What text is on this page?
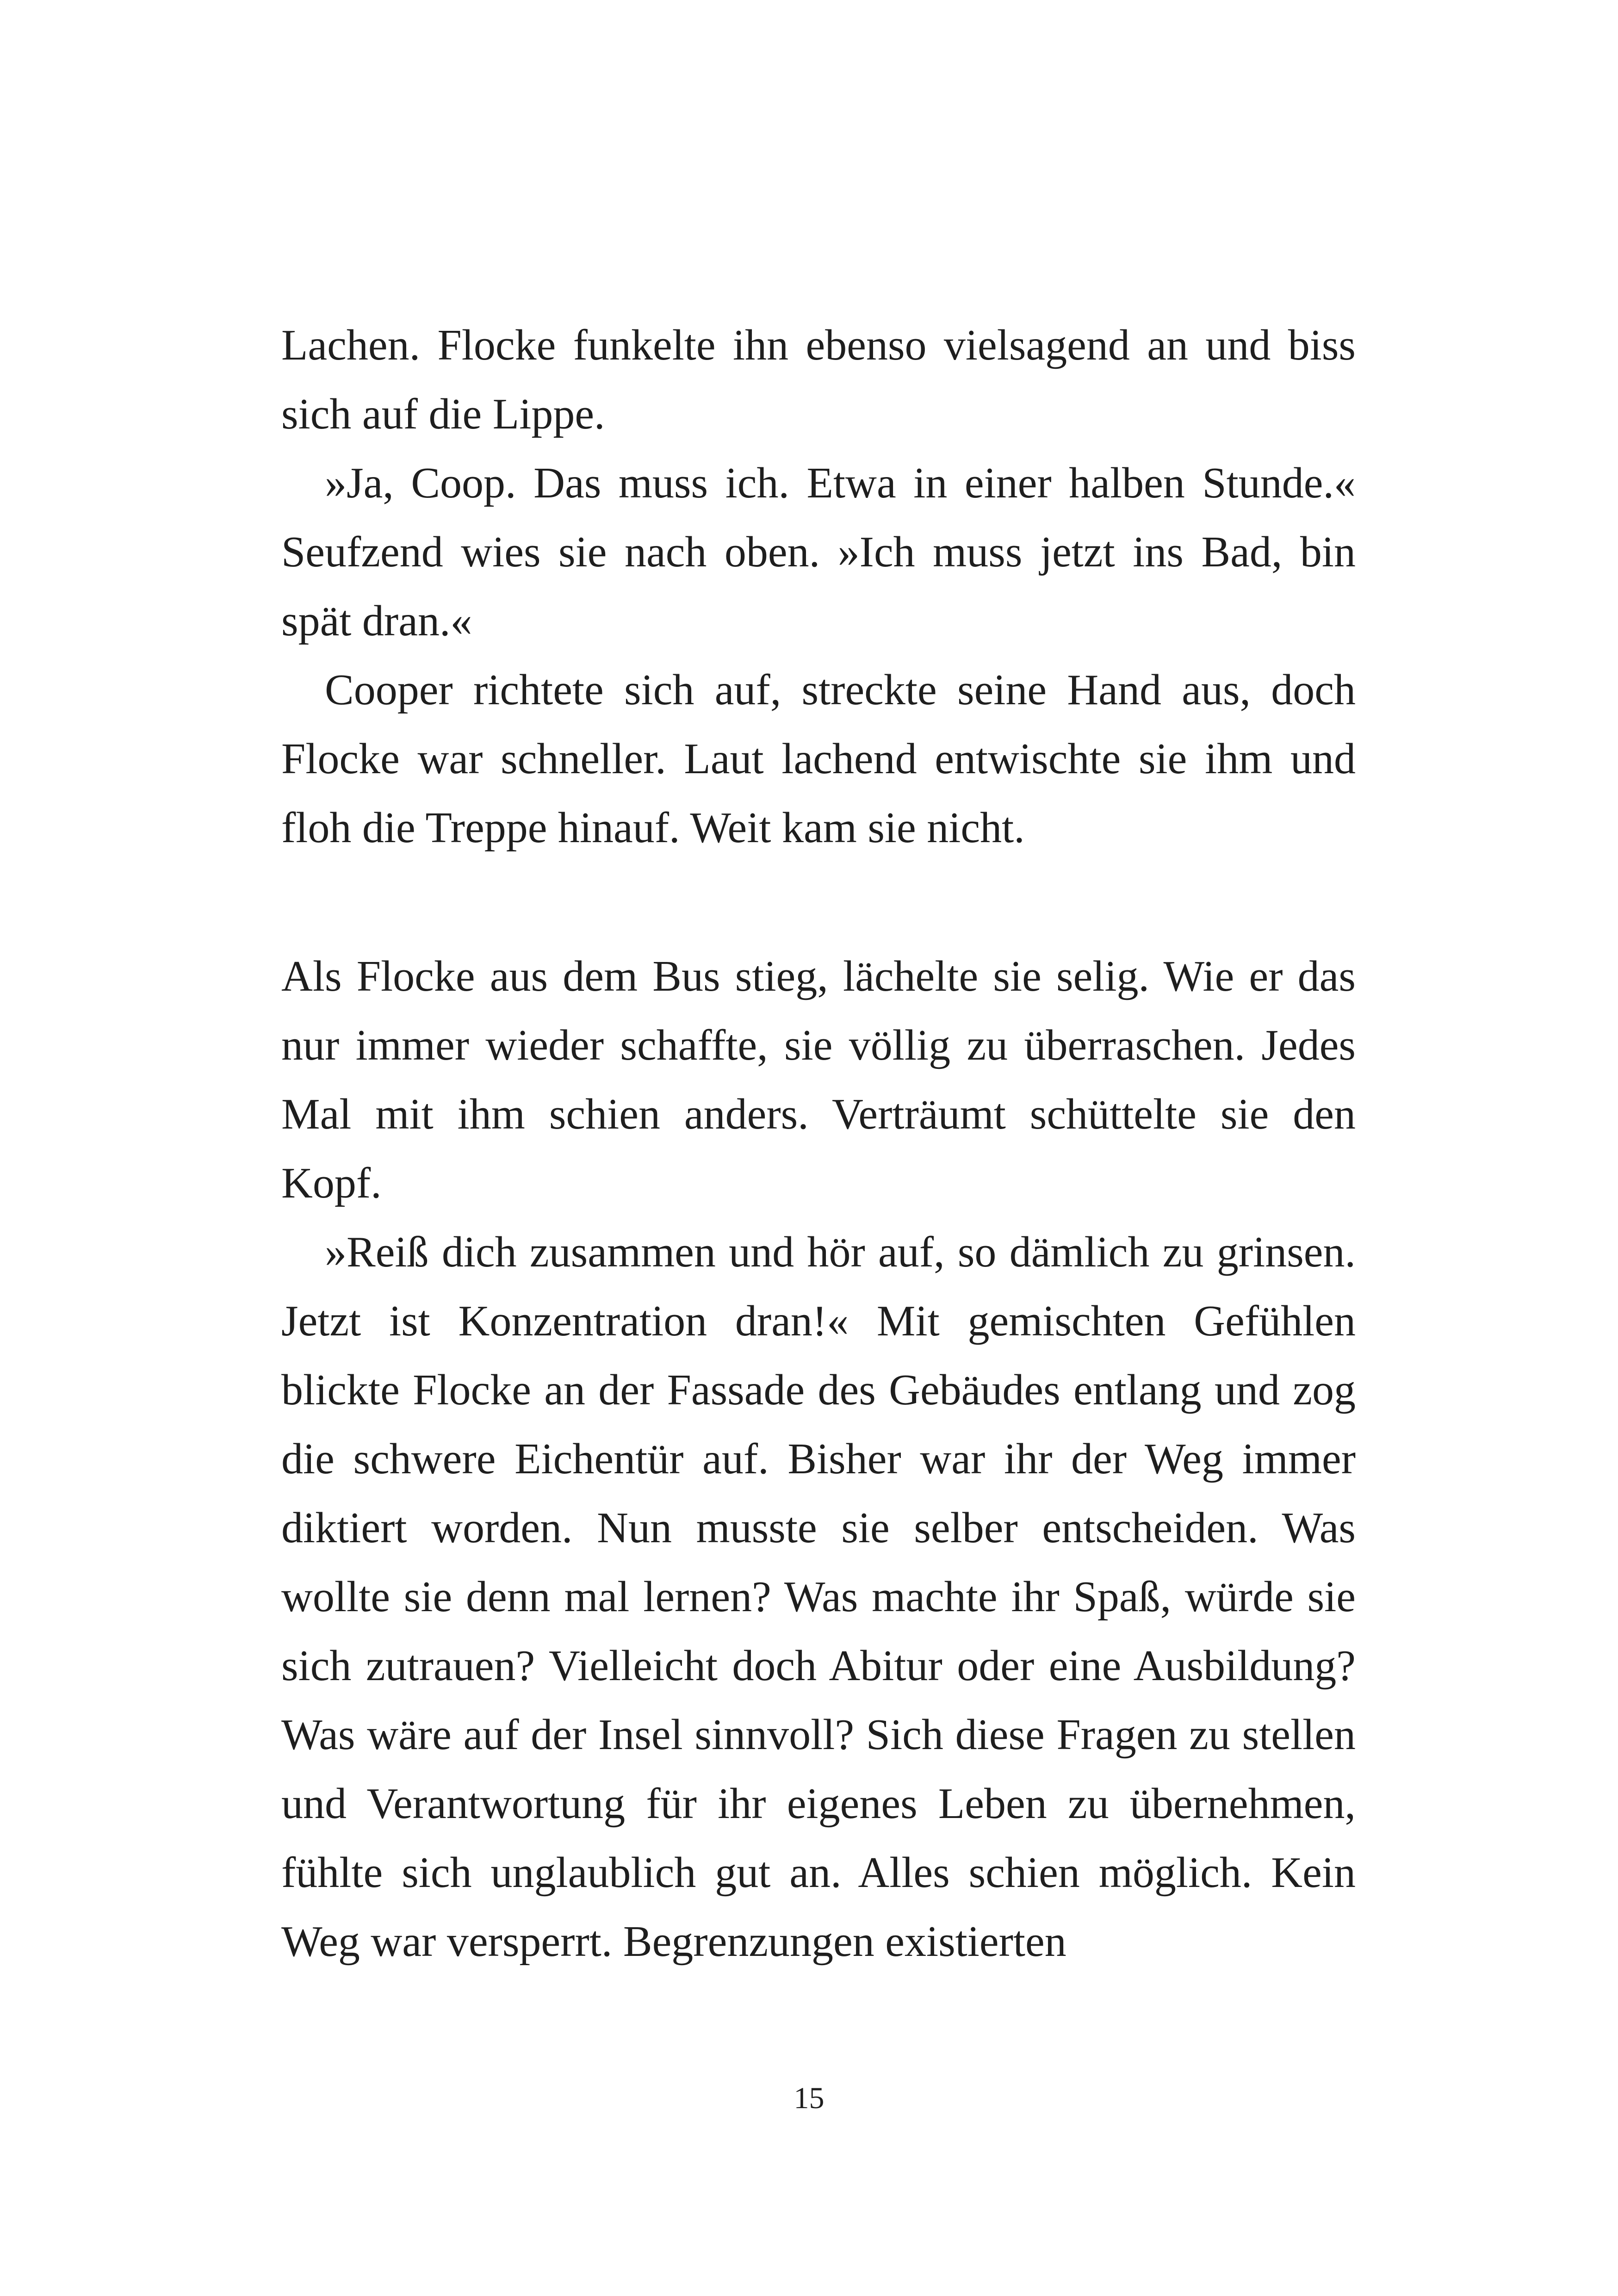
Lachen. Flocke funkelte ihn ebenso vielsagend an und biss sich auf die Lippe.

»Ja, Coop. Das muss ich. Etwa in einer halben Stunde.« Seufzend wies sie nach oben. »Ich muss jetzt ins Bad, bin spät dran.«

Cooper richtete sich auf, streckte seine Hand aus, doch Flocke war schneller. Laut lachend entwischte sie ihm und floh die Treppe hinauf. Weit kam sie nicht.

Als Flocke aus dem Bus stieg, lächelte sie selig. Wie er das nur immer wieder schaffte, sie völlig zu überraschen. Jedes Mal mit ihm schien anders. Verträumt schüttelte sie den Kopf.

»Reiß dich zusammen und hör auf, so dämlich zu grinsen. Jetzt ist Konzentration dran!« Mit gemischten Gefühlen blickte Flocke an der Fassade des Gebäudes entlang und zog die schwere Eichentür auf. Bisher war ihr der Weg immer diktiert worden. Nun musste sie selber entscheiden. Was wollte sie denn mal lernen? Was machte ihr Spaß, würde sie sich zutrauen? Vielleicht doch Abitur oder eine Ausbildung? Was wäre auf der Insel sinnvoll? Sich diese Fragen zu stellen und Verantwortung für ihr eigenes Leben zu übernehmen, fühlte sich unglaublich gut an. Alles schien möglich. Kein Weg war versperrt. Begrenzungen existierten

15
